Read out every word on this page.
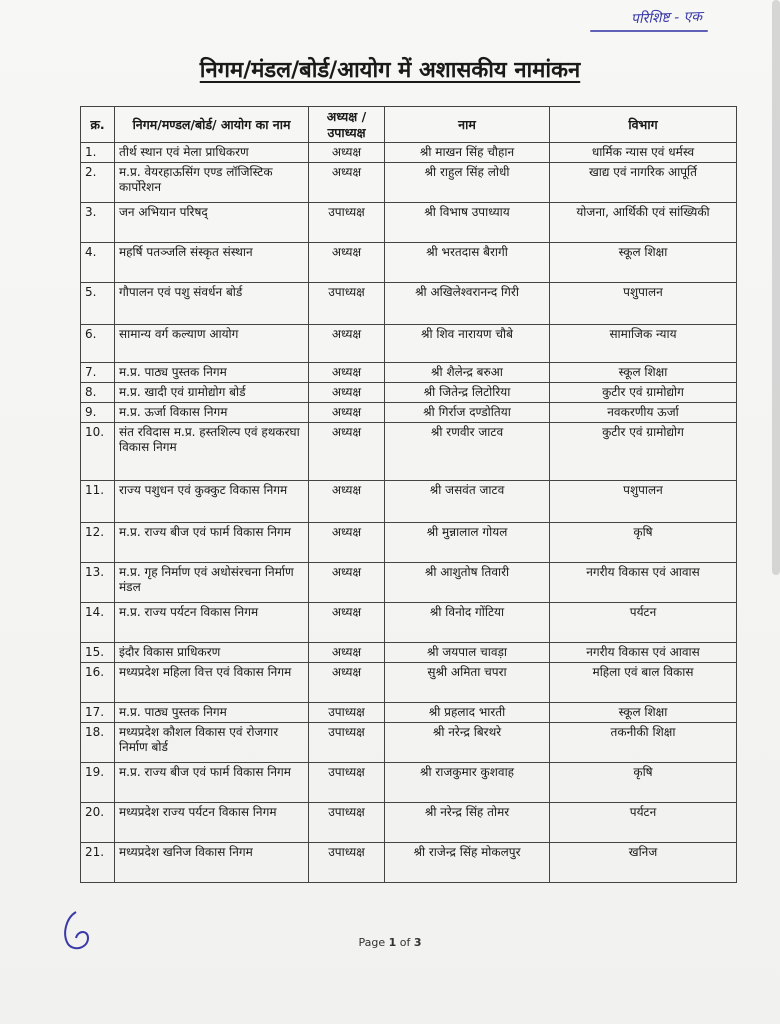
परिशिष्ट - एक
निगम/मंडल/बोर्ड/आयोग में अशासकीय नामांकन
क्र.	निगम/मण्डल/बोर्ड/ आयोग का नाम	अध्यक्ष / उपाध्यक्ष	नाम	विभाग
1.	तीर्थ स्थान एवं मेला प्राधिकरण	अध्यक्ष	श्री माखन सिंह चौहान	धार्मिक न्यास एवं धर्मस्व
2.	म.प्र. वेयरहाऊसिंग एण्ड लॉजिस्टिक कार्पोरेशन	अध्यक्ष	श्री राहुल सिंह लोधी	खाद्य एवं नागरिक आपूर्ति
3.	जन अभियान परिषद्	उपाध्यक्ष	श्री विभाष उपाध्याय	योजना, आर्थिकी एवं सांख्यिकी
4.	महर्षि पतञ्जलि संस्कृत संस्थान	अध्यक्ष	श्री भरतदास बैरागी	स्कूल शिक्षा
5.	गौपालन एवं पशु संवर्धन बोर्ड	उपाध्यक्ष	श्री अखिलेश्वरानन्द गिरी	पशुपालन
6.	सामान्य वर्ग कल्याण आयोग	अध्यक्ष	श्री शिव नारायण चौबे	सामाजिक न्याय
7.	म.प्र. पाठ्य पुस्तक निगम	अध्यक्ष	श्री शैलेन्द्र बरुआ	स्कूल शिक्षा
8.	म.प्र. खादी एवं ग्रामोद्योग बोर्ड	अध्यक्ष	श्री जितेन्द्र लिटोरिया	कुटीर एवं ग्रामोद्योग
9.	म.प्र. ऊर्जा विकास निगम	अध्यक्ष	श्री गिर्राज दण्डोतिया	नवकरणीय ऊर्जा
10.	संत रविदास म.प्र. हस्तशिल्प एवं हथकरघा विकास निगम	अध्यक्ष	श्री रणवीर जाटव	कुटीर एवं ग्रामोद्योग
11.	राज्य पशुधन एवं कुक्कुट विकास निगम	अध्यक्ष	श्री जसवंत जाटव	पशुपालन
12.	म.प्र. राज्य बीज एवं फार्म विकास निगम	अध्यक्ष	श्री मुन्नालाल गोयल	कृषि
13.	म.प्र. गृह निर्माण एवं अधोसंरचना निर्माण मंडल	अध्यक्ष	श्री आशुतोष तिवारी	नगरीय विकास एवं आवास
14.	म.प्र. राज्य पर्यटन विकास निगम	अध्यक्ष	श्री विनोद गोंटिया	पर्यटन
15.	इंदौर विकास प्राधिकरण	अध्यक्ष	श्री जयपाल चावड़ा	नगरीय विकास एवं आवास
16.	मध्यप्रदेश महिला वित्त एवं विकास निगम	अध्यक्ष	सुश्री अमिता चपरा	महिला एवं बाल विकास
17.	म.प्र. पाठ्य पुस्तक निगम	उपाध्यक्ष	श्री प्रहलाद भारती	स्कूल शिक्षा
18.	मध्यप्रदेश कौशल विकास एवं रोजगार निर्माण बोर्ड	उपाध्यक्ष	श्री नरेन्द्र बिरथरे	तकनीकी शिक्षा
19.	म.प्र. राज्य बीज एवं फार्म विकास निगम	उपाध्यक्ष	श्री राजकुमार कुशवाह	कृषि
20.	मध्यप्रदेश राज्य पर्यटन विकास निगम	उपाध्यक्ष	श्री नरेन्द्र सिंह तोमर	पर्यटन
21.	मध्यप्रदेश खनिज विकास निगम	उपाध्यक्ष	श्री राजेन्द्र सिंह मोकलपुर	खनिज
Page 1 of 3
